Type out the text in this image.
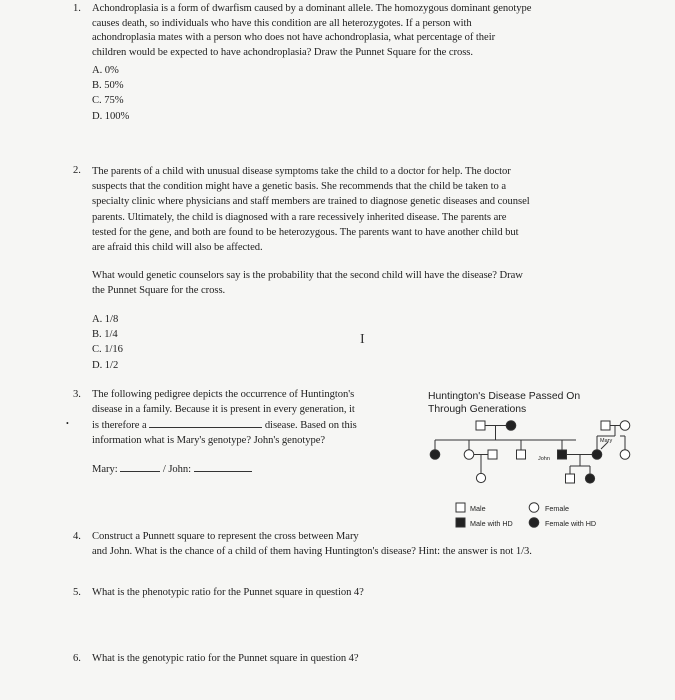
1. Achondroplasia is a form of dwarfism caused by a dominant allele. The homozygous dominant genotype
causes death, so individuals who have this condition are all heterozygotes. If a person with
achondroplasia mates with a person who does not have achondroplasia, what percentage of their
children would be expected to have achondroplasia? Draw the Punnet Square for the cross.
A. 0%
B. 50%
C. 75%
D. 100%
2. The parents of a child with unusual disease symptoms take the child to a doctor for help. The doctor
suspects that the condition might have a genetic basis. She recommends that the child be taken to a
specialty clinic where physicians and staff members are trained to diagnose genetic diseases and counsel
parents. Ultimately, the child is diagnosed with a rare recessively inherited disease. The parents are
tested for the gene, and both are found to be heterozygous. The parents want to have another child but
are afraid this child will also be affected.
What would genetic counselors say is the probability that the second child will have the disease? Draw
the Punnet Square for the cross.
A. 1/8
B. 1/4
C. 1/16
D. 1/2
I
3.
•
The following pedigree depicts the occurrence of Huntington's
disease in a family. Because it is present in every generation, it
is therefore a	disease. Based on this
information what is Mary's genotype? John's genotype?
Mary:	/ John:
Huntington's Disease Passed On
Through Generations
Mary
John
Male	Female
Male with HD	Female with HD
4. Construct a Punnett square to represent the cross between Mary
and John. What is the chance of a child of them having Huntington's disease? Hint: the answer is not 1/3.
5. What is the phenotypic ratio for the Punnet square in question 4?
6. What is the genotypic ratio for the Punnet square in question 4?
